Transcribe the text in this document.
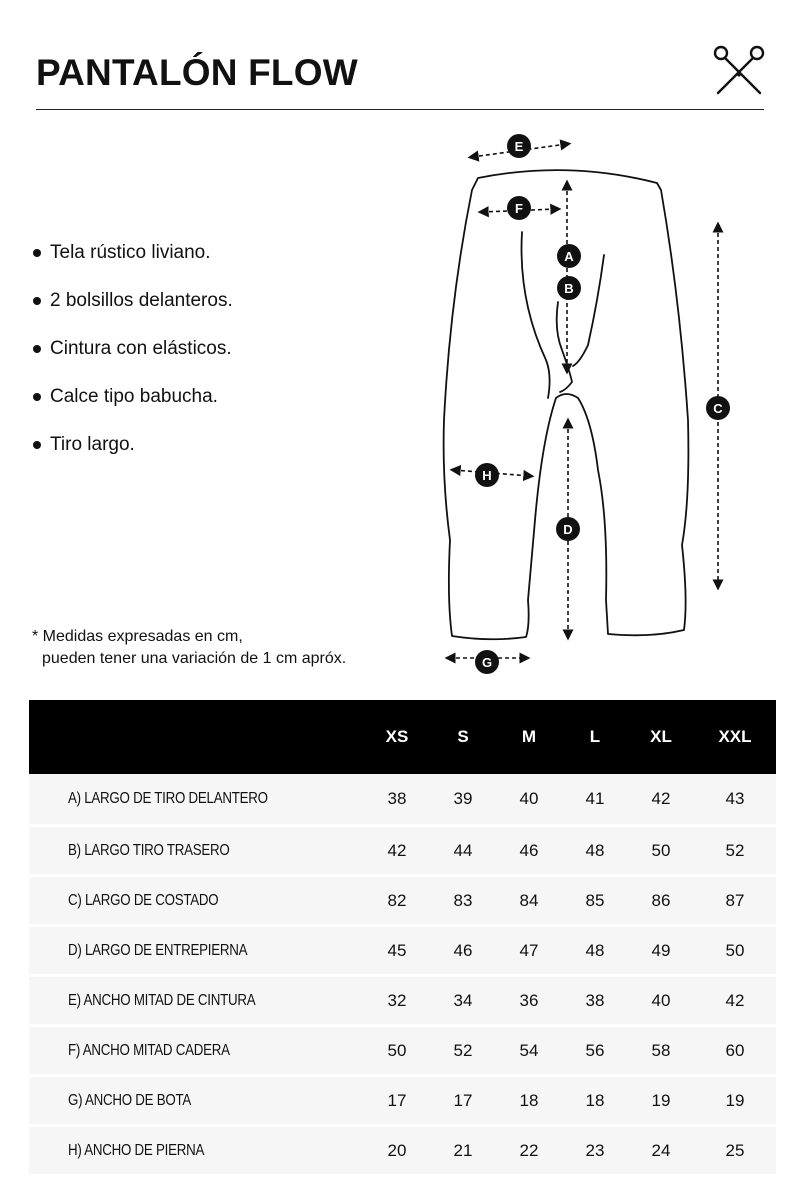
PANTALÓN FLOW
Tela rústico liviano.
2 bolsillos delanteros.
Cintura con elásticos.
Calce tipo babucha.
Tiro largo.
* Medidas expresadas en cm,
pueden tener una variación de 1 cm apróx.
E
F
A
B
C
D
H
G
	XS	S	M	L	XL	XXL
A) LARGO DE TIRO DELANTERO	38	39	40	41	42	43
B) LARGO TIRO TRASERO	42	44	46	48	50	52
C) LARGO DE COSTADO	82	83	84	85	86	87
D) LARGO DE ENTREPIERNA	45	46	47	48	49	50
E) ANCHO MITAD DE CINTURA	32	34	36	38	40	42
F) ANCHO MITAD CADERA	50	52	54	56	58	60
G) ANCHO DE BOTA	17	17	18	18	19	19
H) ANCHO DE PIERNA	20	21	22	23	24	25
